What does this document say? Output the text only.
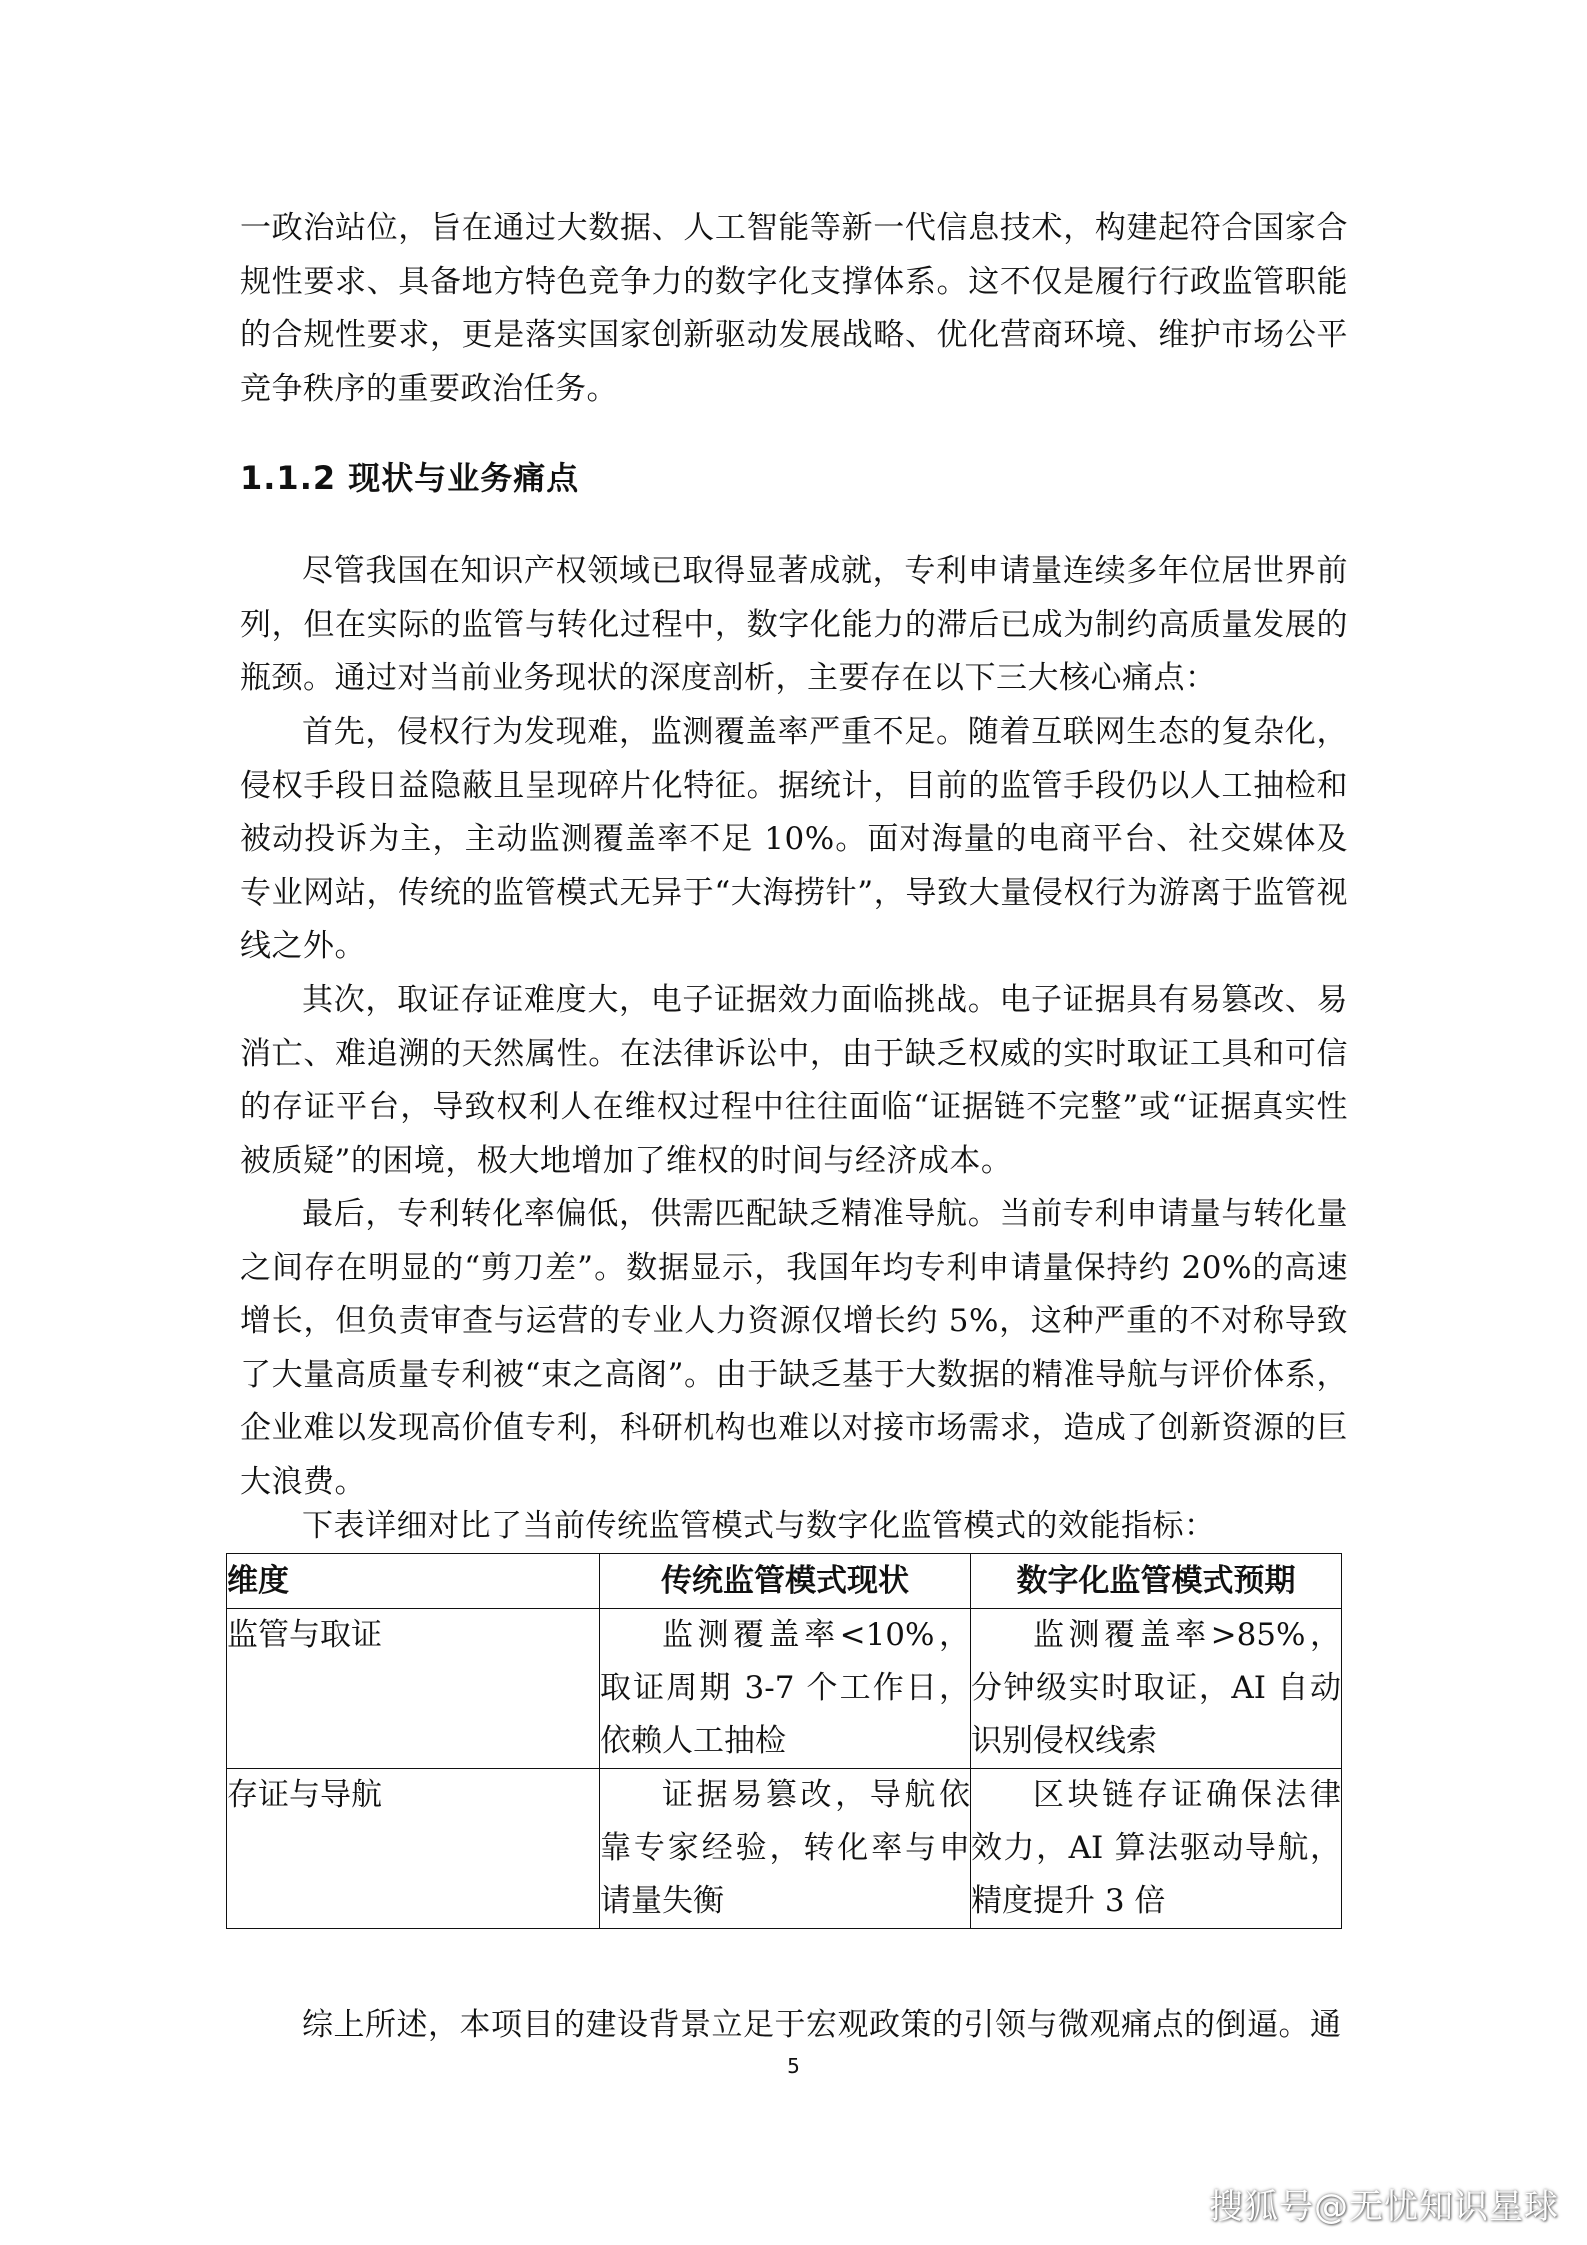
一政治站位，旨在通过大数据、人工智能等新一代信息技术，构建起符合国家合规性要求、具备地方特色竞争力的数字化支撑体系。这不仅是履行行政监管职能的合规性要求，更是落实国家创新驱动发展战略、优化营商环境、维护市场公平竞争秩序的重要政治任务。

1.1.2 现状与业务痛点

尽管我国在知识产权领域已取得显著成就，专利申请量连续多年位居世界前列，但在实际的监管与转化过程中，数字化能力的滞后已成为制约高质量发展的瓶颈。通过对当前业务现状的深度剖析，主要存在以下三大核心痛点：

首先，侵权行为发现难，监测覆盖率严重不足。随着互联网生态的复杂化，侵权手段日益隐蔽且呈现碎片化特征。据统计，目前的监管手段仍以人工抽检和被动投诉为主，主动监测覆盖率不足 10%。面对海量的电商平台、社交媒体及专业网站，传统的监管模式无异于“大海捞针”，导致大量侵权行为游离于监管视线之外。

其次，取证存证难度大，电子证据效力面临挑战。电子证据具有易篡改、易消亡、难追溯的天然属性。在法律诉讼中，由于缺乏权威的实时取证工具和可信的存证平台，导致权利人在维权过程中往往面临“证据链不完整”或“证据真实性被质疑”的困境，极大地增加了维权的时间与经济成本。

最后，专利转化率偏低，供需匹配缺乏精准导航。当前专利申请量与转化量之间存在明显的“剪刀差”。数据显示，我国年均专利申请量保持约 20%的高速增长，但负责审查与运营的专业人力资源仅增长约 5%，这种严重的不对称导致了大量高质量专利被“束之高阁”。由于缺乏基于大数据的精准导航与评价体系，企业难以发现高价值专利，科研机构也难以对接市场需求，造成了创新资源的巨大浪费。

下表详细对比了当前传统监管模式与数字化监管模式的效能指标：

维度	传统监管模式现状	数字化监管模式预期
监管与取证	监测覆盖率<10%，取证周期 3-7 个工作日，依赖人工抽检	监测覆盖率>85%，分钟级实时取证，AI 自动识别侵权线索
存证与导航	证据易篡改，导航依靠专家经验，转化率与申请量失衡	区块链存证确保法律效力，AI 算法驱动导航，精度提升 3 倍

综上所述，本项目的建设背景立足于宏观政策的引领与微观痛点的倒逼。通

5
搜狐号@无忧知识星球
